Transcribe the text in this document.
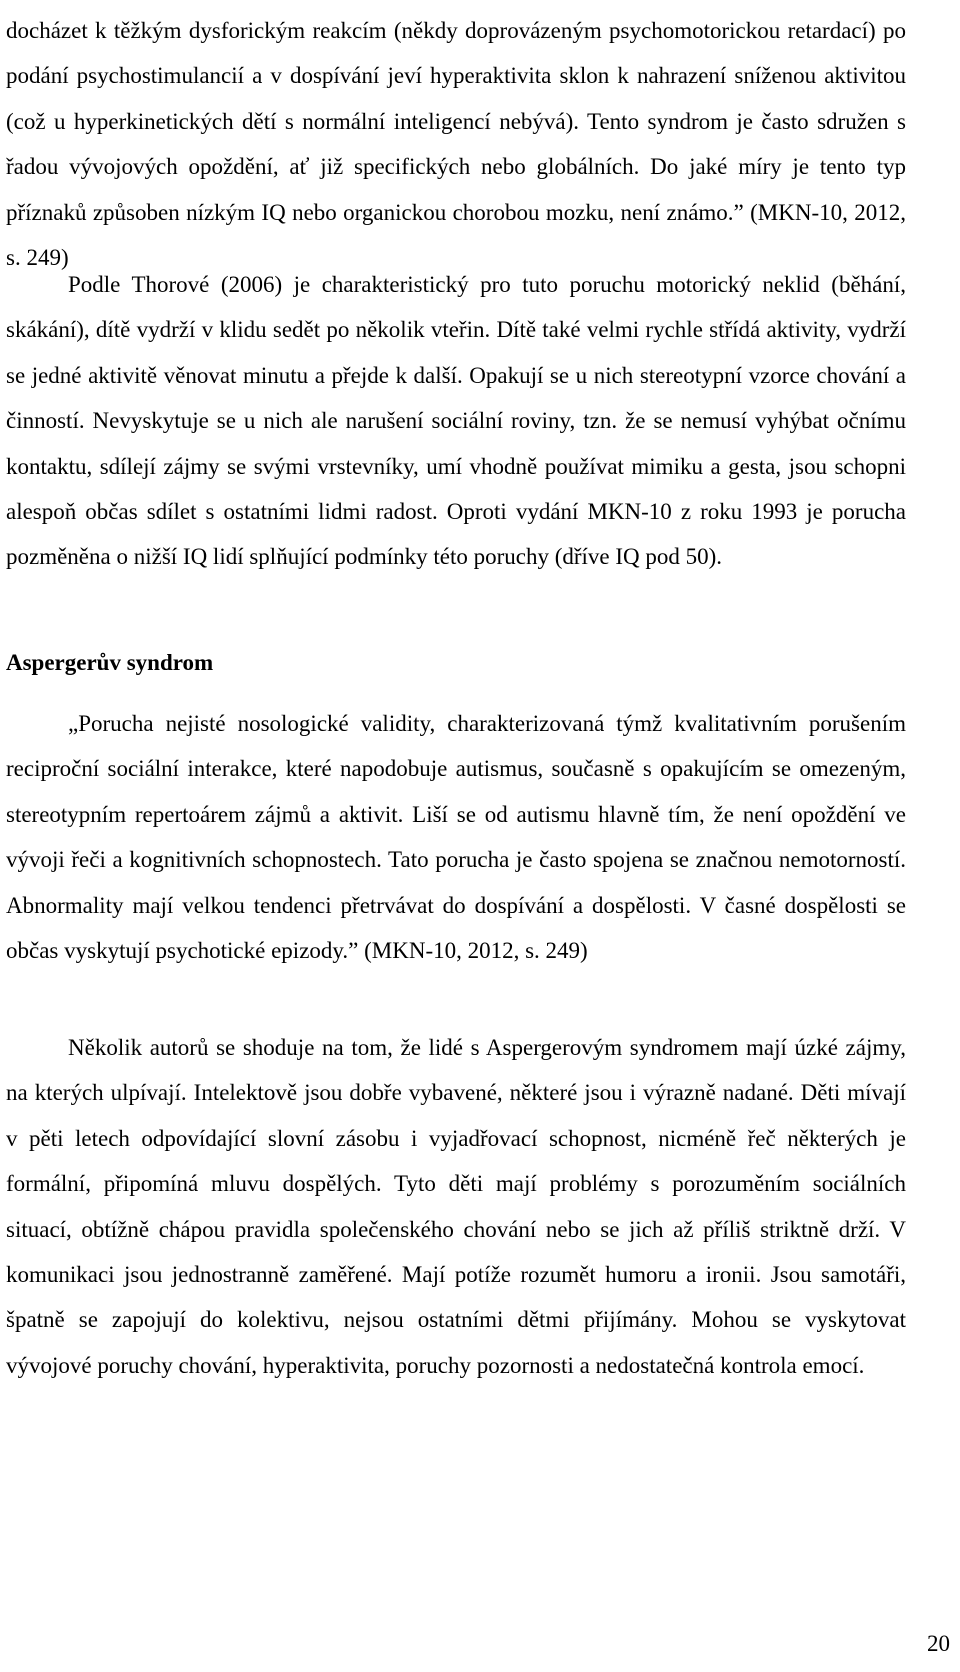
docházet k těžkým dysforickým reakcím (někdy doprovázeným psychomotorickou retardací) po podání psychostimulancií a v dospívání jeví hyperaktivita sklon k nahrazení sníženou aktivitou (což u hyperkinetických dětí s normální inteligencí nebývá). Tento syndrom je často sdružen s řadou vývojových opoždění, ať již specifických nebo globálních. Do jaké míry je tento typ příznaků způsoben nízkým IQ nebo organickou chorobou mozku, není známo.” (MKN-10, 2012, s. 249)

Podle Thorové (2006) je charakteristický pro tuto poruchu motorický neklid (běhání, skákání), dítě vydrží v klidu sedět po několik vteřin. Dítě také velmi rychle střídá aktivity, vydrží se jedné aktivitě věnovat minutu a přejde k další. Opakují se u nich stereotypní vzorce chování a činností. Nevyskytuje se u nich ale narušení sociální roviny, tzn. že se nemusí vyhýbat očnímu kontaktu, sdílejí zájmy se svými vrstevníky, umí vhodně používat mimiku a gesta, jsou schopni alespoň občas sdílet s ostatními lidmi radost. Oproti vydání MKN-10 z roku 1993 je porucha pozměněna o nižší IQ lidí splňující podmínky této poruchy (dříve IQ pod 50).

Aspergerův syndrom

„Porucha nejisté nosologické validity, charakterizovaná týmž kvalitativním porušením reciproční sociální interakce, které napodobuje autismus, současně s opakujícím se omezeným, stereotypním repertoárem zájmů a aktivit. Liší se od autismu hlavně tím, že není opoždění ve vývoji řeči a kognitivních schopnostech. Tato porucha je často spojena se značnou nemotorností. Abnormality mají velkou tendenci přetrvávat do dospívání a dospělosti. V časné dospělosti se občas vyskytují psychotické epizody.” (MKN-10, 2012, s. 249)

Několik autorů se shoduje na tom, že lidé s Aspergerovým syndromem mají úzké zájmy, na kterých ulpívají. Intelektově jsou dobře vybavené, některé jsou i výrazně nadané. Děti mívají v pěti letech odpovídající slovní zásobu i vyjadřovací schopnost, nicméně řeč některých je formální, připomíná mluvu dospělých. Tyto děti mají problémy s porozuměním sociálních situací, obtížně chápou pravidla společenského chování nebo se jich až příliš striktně drží. V komunikaci jsou jednostranně zaměřené. Mají potíže rozumět humoru a ironii. Jsou samotáři, špatně se zapojují do kolektivu, nejsou ostatními dětmi přijímány. Mohou se vyskytovat vývojové poruchy chování, hyperaktivita, poruchy pozornosti a nedostatečná kontrola emocí.

20
